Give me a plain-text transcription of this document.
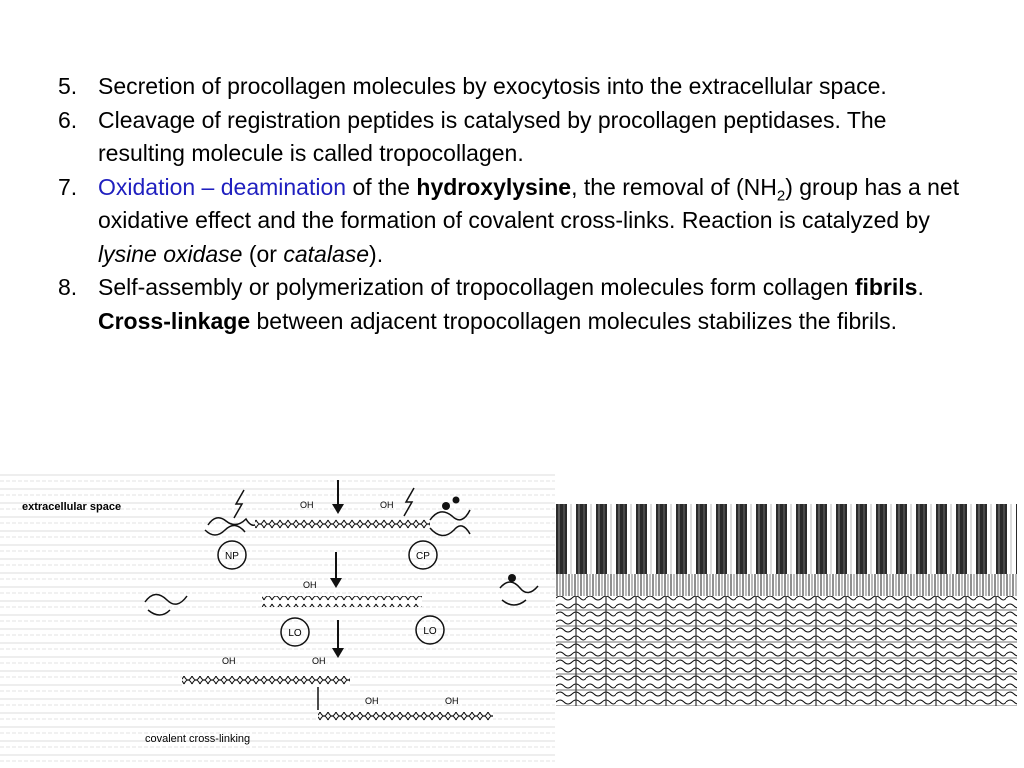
5. Secretion of procollagen molecules by exocytosis into the extracellular space.

6. Cleavage of registration peptides is catalysed by procollagen peptidases. The resulting molecule is called tropocollagen.

7. Oxidation – deamination of the hydroxylysine, the removal of $(NH_2)$ group has a net oxidative effect and the formation of covalent cross-links. Reaction is catalyzed by lysine oxidase (or catalase).

8. Self-assembly or polymerization of tropocollagen molecules form collagen fibrils. Cross-linkage between adjacent tropocollagen molecules stabilizes the fibrils.

extracellular space	OH	OH
NP	CP
OH
LO	LO
OH	OH
OH	OH
covalent cross-linking
